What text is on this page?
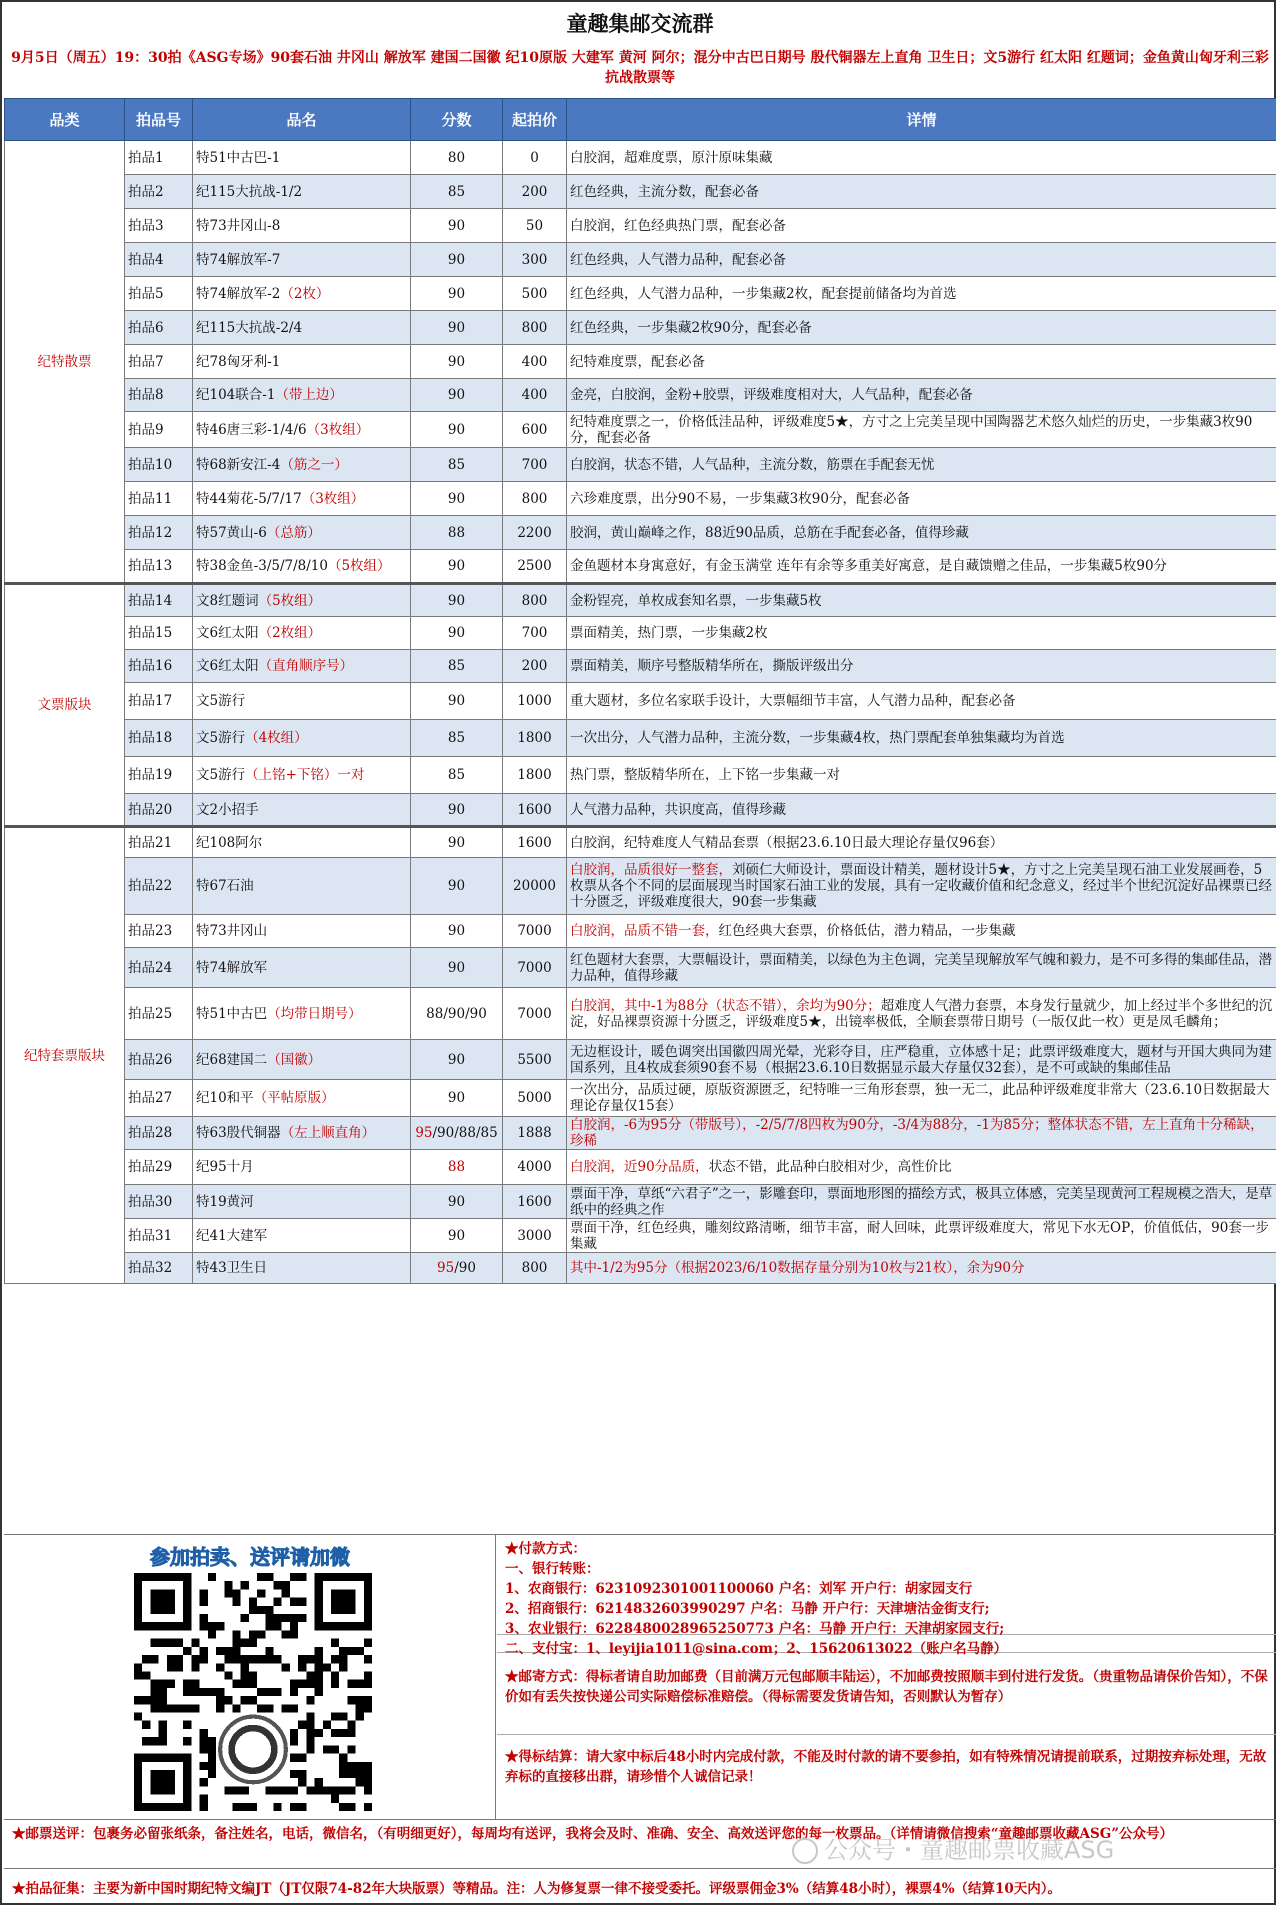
童趣集邮交流群
9月5日（周五）19：30拍《ASG专场》90套石油 井冈山 解放军 建国二国徽 纪10原版 大建军 黄河 阿尔；混分中古巴日期号 殷代铜器左上直角 卫生日；文5游行 红太阳 红题词；金鱼黄山匈牙利三彩抗战散票等
品类	拍品号	品名	分数	起拍价	详情
纪特散票	拍品1	特51中古巴-1	80	0	白胶润，超难度票，原汁原味集藏
	拍品2	纪115大抗战-1/2	85	200	红色经典，主流分数，配套必备
	拍品3	特73井冈山-8	90	50	白胶润，红色经典热门票，配套必备
	拍品4	特74解放军-7	90	300	红色经典，人气潜力品种，配套必备
	拍品5	特74解放军-2（2枚）	90	500	红色经典，人气潜力品种，一步集藏2枚，配套提前储备均为首选
	拍品6	纪115大抗战-2/4	90	800	红色经典，一步集藏2枚90分，配套必备
	拍品7	纪78匈牙利-1	90	400	纪特难度票，配套必备
	拍品8	纪104联合-1（带上边）	90	400	金亮，白胶润，金粉+胶票，评级难度相对大，人气品种，配套必备
	拍品9	特46唐三彩-1/4/6（3枚组）	90	600	纪特难度票之一，价格低洼品种，评级难度5★，方寸之上完美呈现中国陶器艺术悠久灿烂的历史，一步集藏3枚90分，配套必备
	拍品10	特68新安江-4（筋之一）	85	700	白胶润，状态不错，人气品种，主流分数，筋票在手配套无忧
	拍品11	特44菊花-5/7/17（3枚组）	90	800	六珍难度票，出分90不易，一步集藏3枚90分，配套必备
	拍品12	特57黄山-6（总筋）	88	2200	胶润，黄山巅峰之作，88近90品质，总筋在手配套必备，值得珍藏
	拍品13	特38金鱼-3/5/7/8/10（5枚组）	90	2500	金鱼题材本身寓意好，有金玉满堂 连年有余等多重美好寓意，是自藏馈赠之佳品，一步集藏5枚90分
文票版块	拍品14	文8红题词（5枚组）	90	800	金粉锃亮，单枚成套知名票，一步集藏5枚
	拍品15	文6红太阳（2枚组）	90	700	票面精美，热门票，一步集藏2枚
	拍品16	文6红太阳（直角顺序号）	85	200	票面精美，顺序号整版精华所在，撕版评级出分
	拍品17	文5游行	90	1000	重大题材，多位名家联手设计，大票幅细节丰富，人气潜力品种，配套必备
	拍品18	文5游行（4枚组）	85	1800	一次出分，人气潜力品种，主流分数，一步集藏4枚，热门票配套单独集藏均为首选
	拍品19	文5游行（上铭+下铭）一对	85	1800	热门票，整版精华所在，上下铭一步集藏一对
	拍品20	文2小招手	90	1600	人气潜力品种，共识度高，值得珍藏
纪特套票版块	拍品21	纪108阿尔	90	1600	白胶润，纪特难度人气精品套票（根据23.6.10日最大理论存量仅96套）
	拍品22	特67石油	90	20000	白胶润，品质很好一整套，刘硕仁大师设计，票面设计精美，题材设计5★，方寸之上完美呈现石油工业发展画卷，5枚票从各个不同的层面展现当时国家石油工业的发展，具有一定收藏价值和纪念意义，经过半个世纪沉淀好品裸票已经十分匮乏，评级难度很大，90套一步集藏
	拍品23	特73井冈山	90	7000	白胶润，品质不错一套，红色经典大套票，价格低估，潜力精品，一步集藏
	拍品24	特74解放军	90	7000	红色题材大套票，大票幅设计，票面精美，以绿色为主色调，完美呈现解放军气魄和毅力，是不可多得的集邮佳品，潜力品种，值得珍藏
	拍品25	特51中古巴（均带日期号）	88/90/90	7000	白胶润，其中-1为88分（状态不错），余均为90分；超难度人气潜力套票，本身发行量就少，加上经过半个多世纪的沉淀，好品裸票资源十分匮乏，评级难度5★，出镜率极低，全顺套票带日期号（一版仅此一枚）更是凤毛麟角；
	拍品26	纪68建国二（国徽）	90	5500	无边框设计，暖色调突出国徽四周光晕，光彩夺目，庄严稳重，立体感十足；此票评级难度大，题材与开国大典同为建国系列，且4枚成套须90套不易（根据23.6.10日数据显示最大存量仅32套），是不可或缺的集邮佳品
	拍品27	纪10和平（平帖原版）	90	5000	一次出分，品质过硬，原版资源匮乏，纪特唯一三角形套票，独一无二，此品种评级难度非常大（23.6.10日数据最大理论存量仅15套）
	拍品28	特63殷代铜器（左上顺直角）	95/90/88/85	1888	白胶润，-6为95分（带版号），-2/5/7/8四枚为90分，-3/4为88分，-1为85分；整体状态不错，左上直角十分稀缺，珍稀
	拍品29	纪95十月	88	4000	白胶润，近90分品质，状态不错，此品种白胶相对少，高性价比
	拍品30	特19黄河	90	1600	票面干净，草纸“六君子”之一，影雕套印，票面地形图的描绘方式，极具立体感，完美呈现黄河工程规模之浩大，是草纸中的经典之作
	拍品31	纪41大建军	90	3000	票面干净，红色经典，雕刻纹路清晰，细节丰富，耐人回味，此票评级难度大，常见下水无OP，价值低估，90套一步集藏
	拍品32	特43卫生日	95/90	800	其中-1/2为95分（根据2023/6/10数据存量分别为10枚与21枚），余为90分
参加拍卖、送评请加微	★付款方式：
一、银行转账：
1、农商银行：6231092301001100060 户名：刘军 开户行：胡家园支行
2、招商银行：6214832603990297 户名：马静 开户行：天津塘沽金街支行;
3、农业银行：6228480028965250773 户名：马静 开户行：天津胡家园支行;
二、支付宝：1、leyijia1011@sina.com；2、15620613022（账户名马静）
★邮寄方式：得标者请自助加邮费（目前满万元包邮顺丰陆运），不加邮费按照顺丰到付进行发货。（贵重物品请保价告知），不保价如有丢失按快递公司实际赔偿标准赔偿。（得标需要发货请告知，否则默认为暂存）
★得标结算：请大家中标后48小时内完成付款，不能及时付款的请不要参拍，如有特殊情况请提前联系，过期按弃标处理，无故弃标的直接移出群，请珍惜个人诚信记录！
★邮票送评：包裹务必留张纸条，备注姓名，电话，微信名，（有明细更好），每周均有送评，我将会及时、准确、安全、高效送评您的每一枚票品。（详情请微信搜索“童趣邮票收藏ASG”公众号）
公众号・童趣邮票收藏ASG
★拍品征集：主要为新中国时期纪特文编JT（JT仅限74-82年大块版票）等精品。注：人为修复票一律不接受委托。评级票佣金3%（结算48小时），裸票4%（结算10天内）。
